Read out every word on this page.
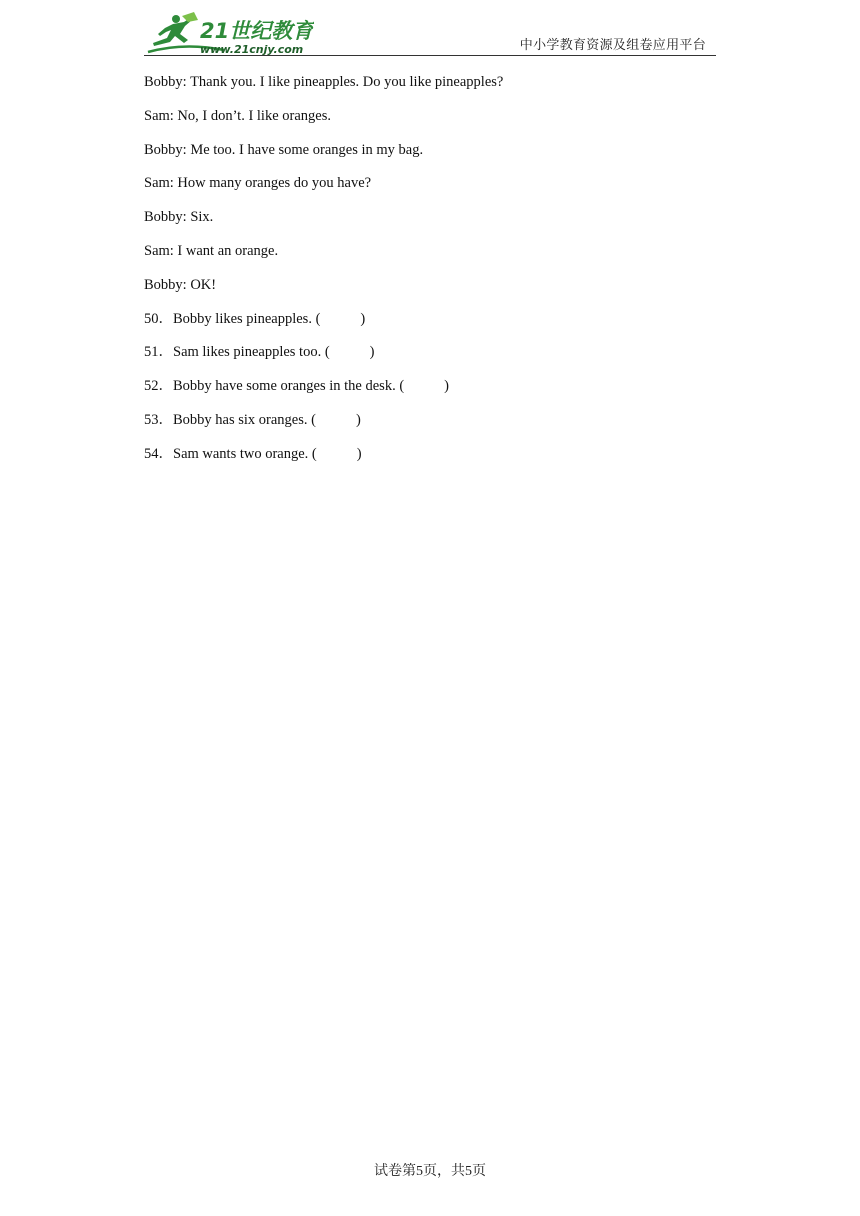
21世纪教育
www.21cnjy.com	中小学教育资源及组卷应用平台
Bobby: Thank you. I like pineapples. Do you like pineapples?
Sam: No, I don’t. I like oranges.
Bobby: Me too. I have some oranges in my bag.
Sam: How many oranges do you have?
Bobby: Six.
Sam: I want an orange.
Bobby: OK!
50．Bobby likes pineapples. (	)
51．Sam likes pineapples too. (	)
52．Bobby have some oranges in the desk. (	)
53．Bobby has six oranges. (	)
54．Sam wants two orange. (	)
试卷第5页，共5页
